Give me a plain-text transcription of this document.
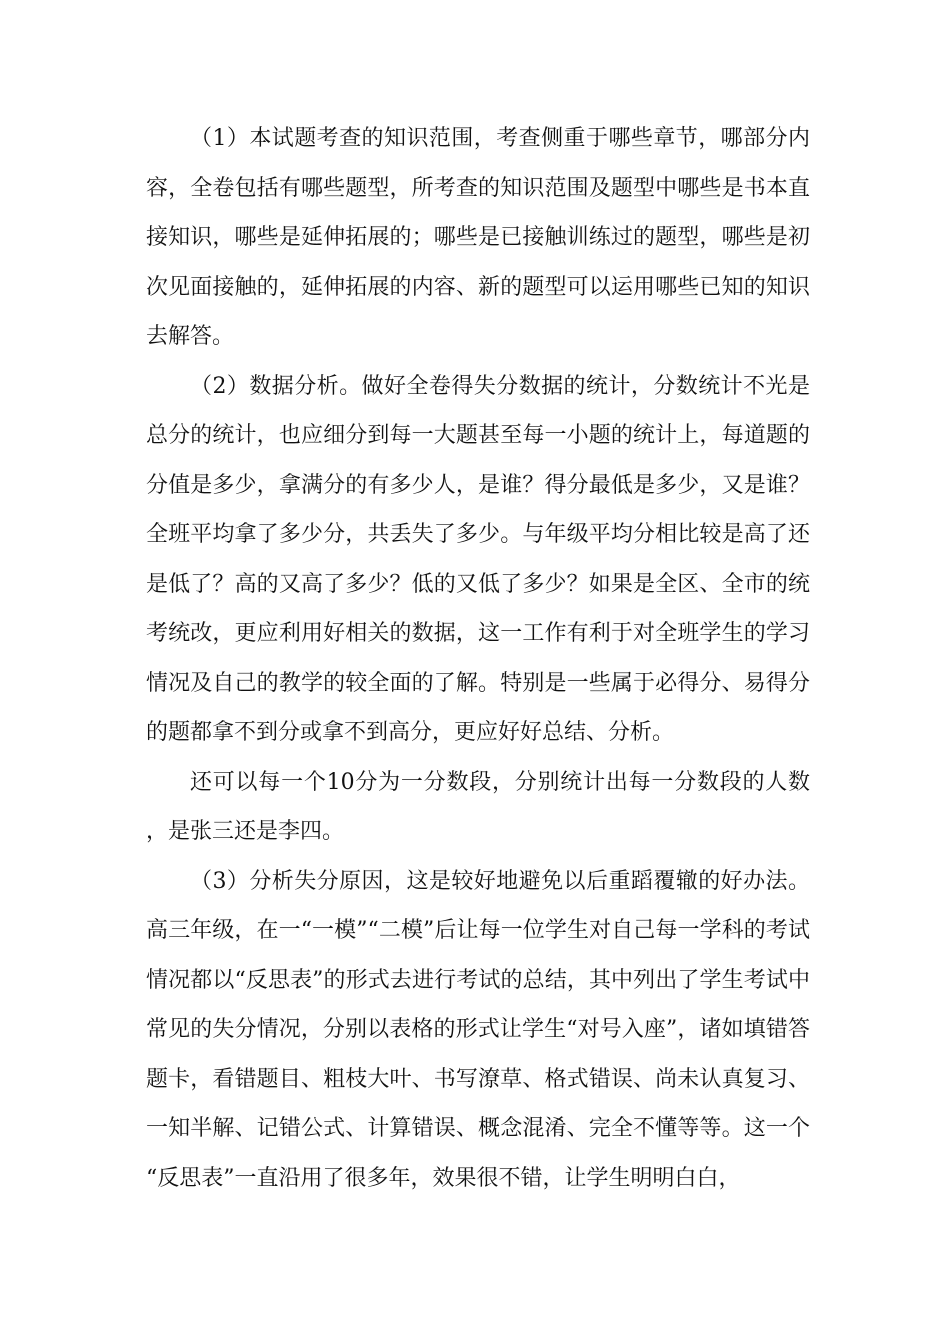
（1）本试题考查的知识范围，考查侧重于哪些章节，哪部分内容，全卷包括有哪些题型，所考查的知识范围及题型中哪些是书本直接知识，哪些是延伸拓展的；哪些是已接触训练过的题型，哪些是初次见面接触的，延伸拓展的内容、新的题型可以运用哪些已知的知识去解答。

（2）数据分析。做好全卷得失分数据的统计，分数统计不光是总分的统计，也应细分到每一大题甚至每一小题的统计上，每道题的分值是多少，拿满分的有多少人，是谁？得分最低是多少，又是谁？全班平均拿了多少分，共丢失了多少。与年级平均分相比较是高了还是低了？高的又高了多少？低的又低了多少？如果是全区、全市的统考统改，更应利用好相关的数据，这一工作有利于对全班学生的学习情况及自己的教学的较全面的了解。特别是一些属于必得分、易得分的题都拿不到分或拿不到高分，更应好好总结、分析。

还可以每一个10分为一分数段，分别统计出每一分数段的人数，是张三还是李四。

（3）分析失分原因，这是较好地避免以后重蹈覆辙的好办法。高三年级，在一“一模”“二模”后让每一位学生对自己每一学科的考试情况都以“反思表”的形式去进行考试的总结，其中列出了学生考试中常见的失分情况，分别以表格的形式让学生“对号入座”，诸如填错答题卡，看错题目、粗枝大叶、书写潦草、格式错误、尚未认真复习、一知半解、记错公式、计算错误、概念混淆、完全不懂等等。这一个“反思表”一直沿用了很多年，效果很不错，让学生明明白白，
